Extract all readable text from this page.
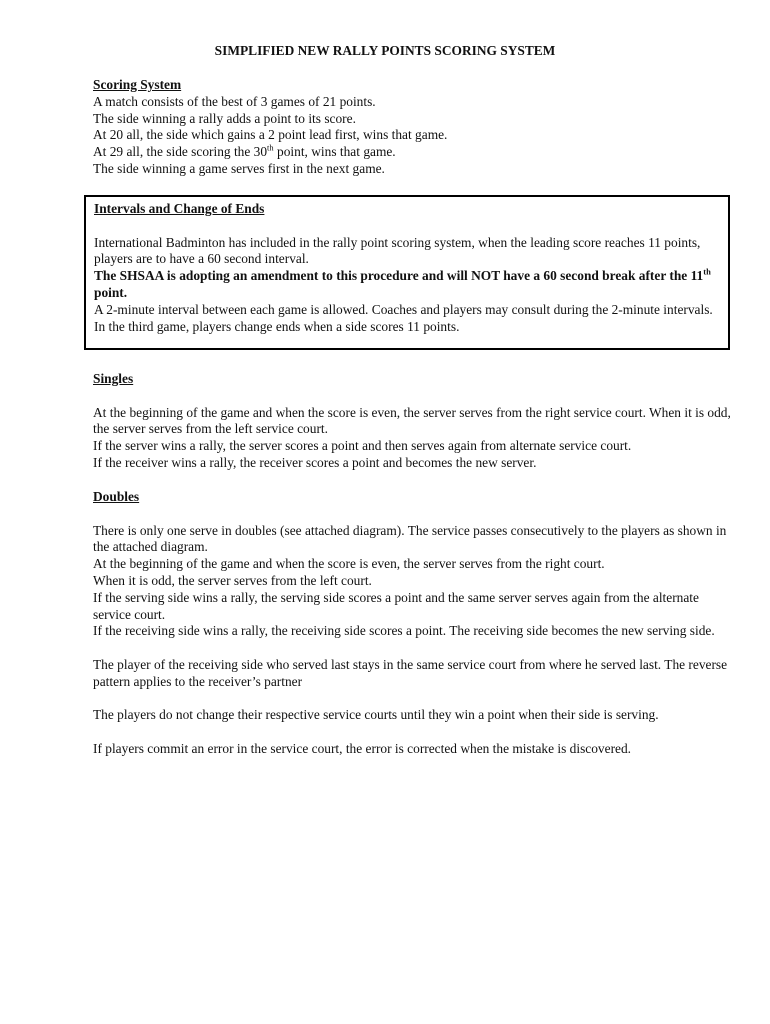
SIMPLIFIED NEW RALLY POINTS SCORING SYSTEM

Scoring System

A match consists of the best of 3 games of 21 points.

The side winning a rally adds a point to its score.

At 20 all, the side which gains a 2 point lead first, wins that game.

At 29 all, the side scoring the 30th point, wins that game.

The side winning a game serves first in the next game.

Intervals and Change of Ends

International Badminton has included in the rally point scoring system, when the leading score reaches 11 points, players are to have a 60 second interval.

The SHSAA is adopting an amendment to this procedure and will NOT have a 60 second break after the 11th point.

A 2-minute interval between each game is allowed. Coaches and players may consult during the 2-minute intervals.

In the third game, players change ends when a side scores 11 points.

Singles

At the beginning of the game and when the score is even, the server serves from the right service court. When it is odd, the server serves from the left service court.

If the server wins a rally, the server scores a point and then serves again from alternate service court.

If the receiver wins a rally, the receiver scores a point and becomes the new server.

Doubles

There is only one serve in doubles (see attached diagram). The service passes consecutively to the players as shown in the attached diagram.

At the beginning of the game and when the score is even, the server serves from the right court.

When it is odd, the server serves from the left court.

If the serving side wins a rally, the serving side scores a point and the same server serves again from the alternate service court.

If the receiving side wins a rally, the receiving side scores a point. The receiving side becomes the new serving side.

The player of the receiving side who served last stays in the same service court from where he served last. The reverse pattern applies to the receiver’s partner

The players do not change their respective service courts until they win a point when their side is serving.

If players commit an error in the service court, the error is corrected when the mistake is discovered.
